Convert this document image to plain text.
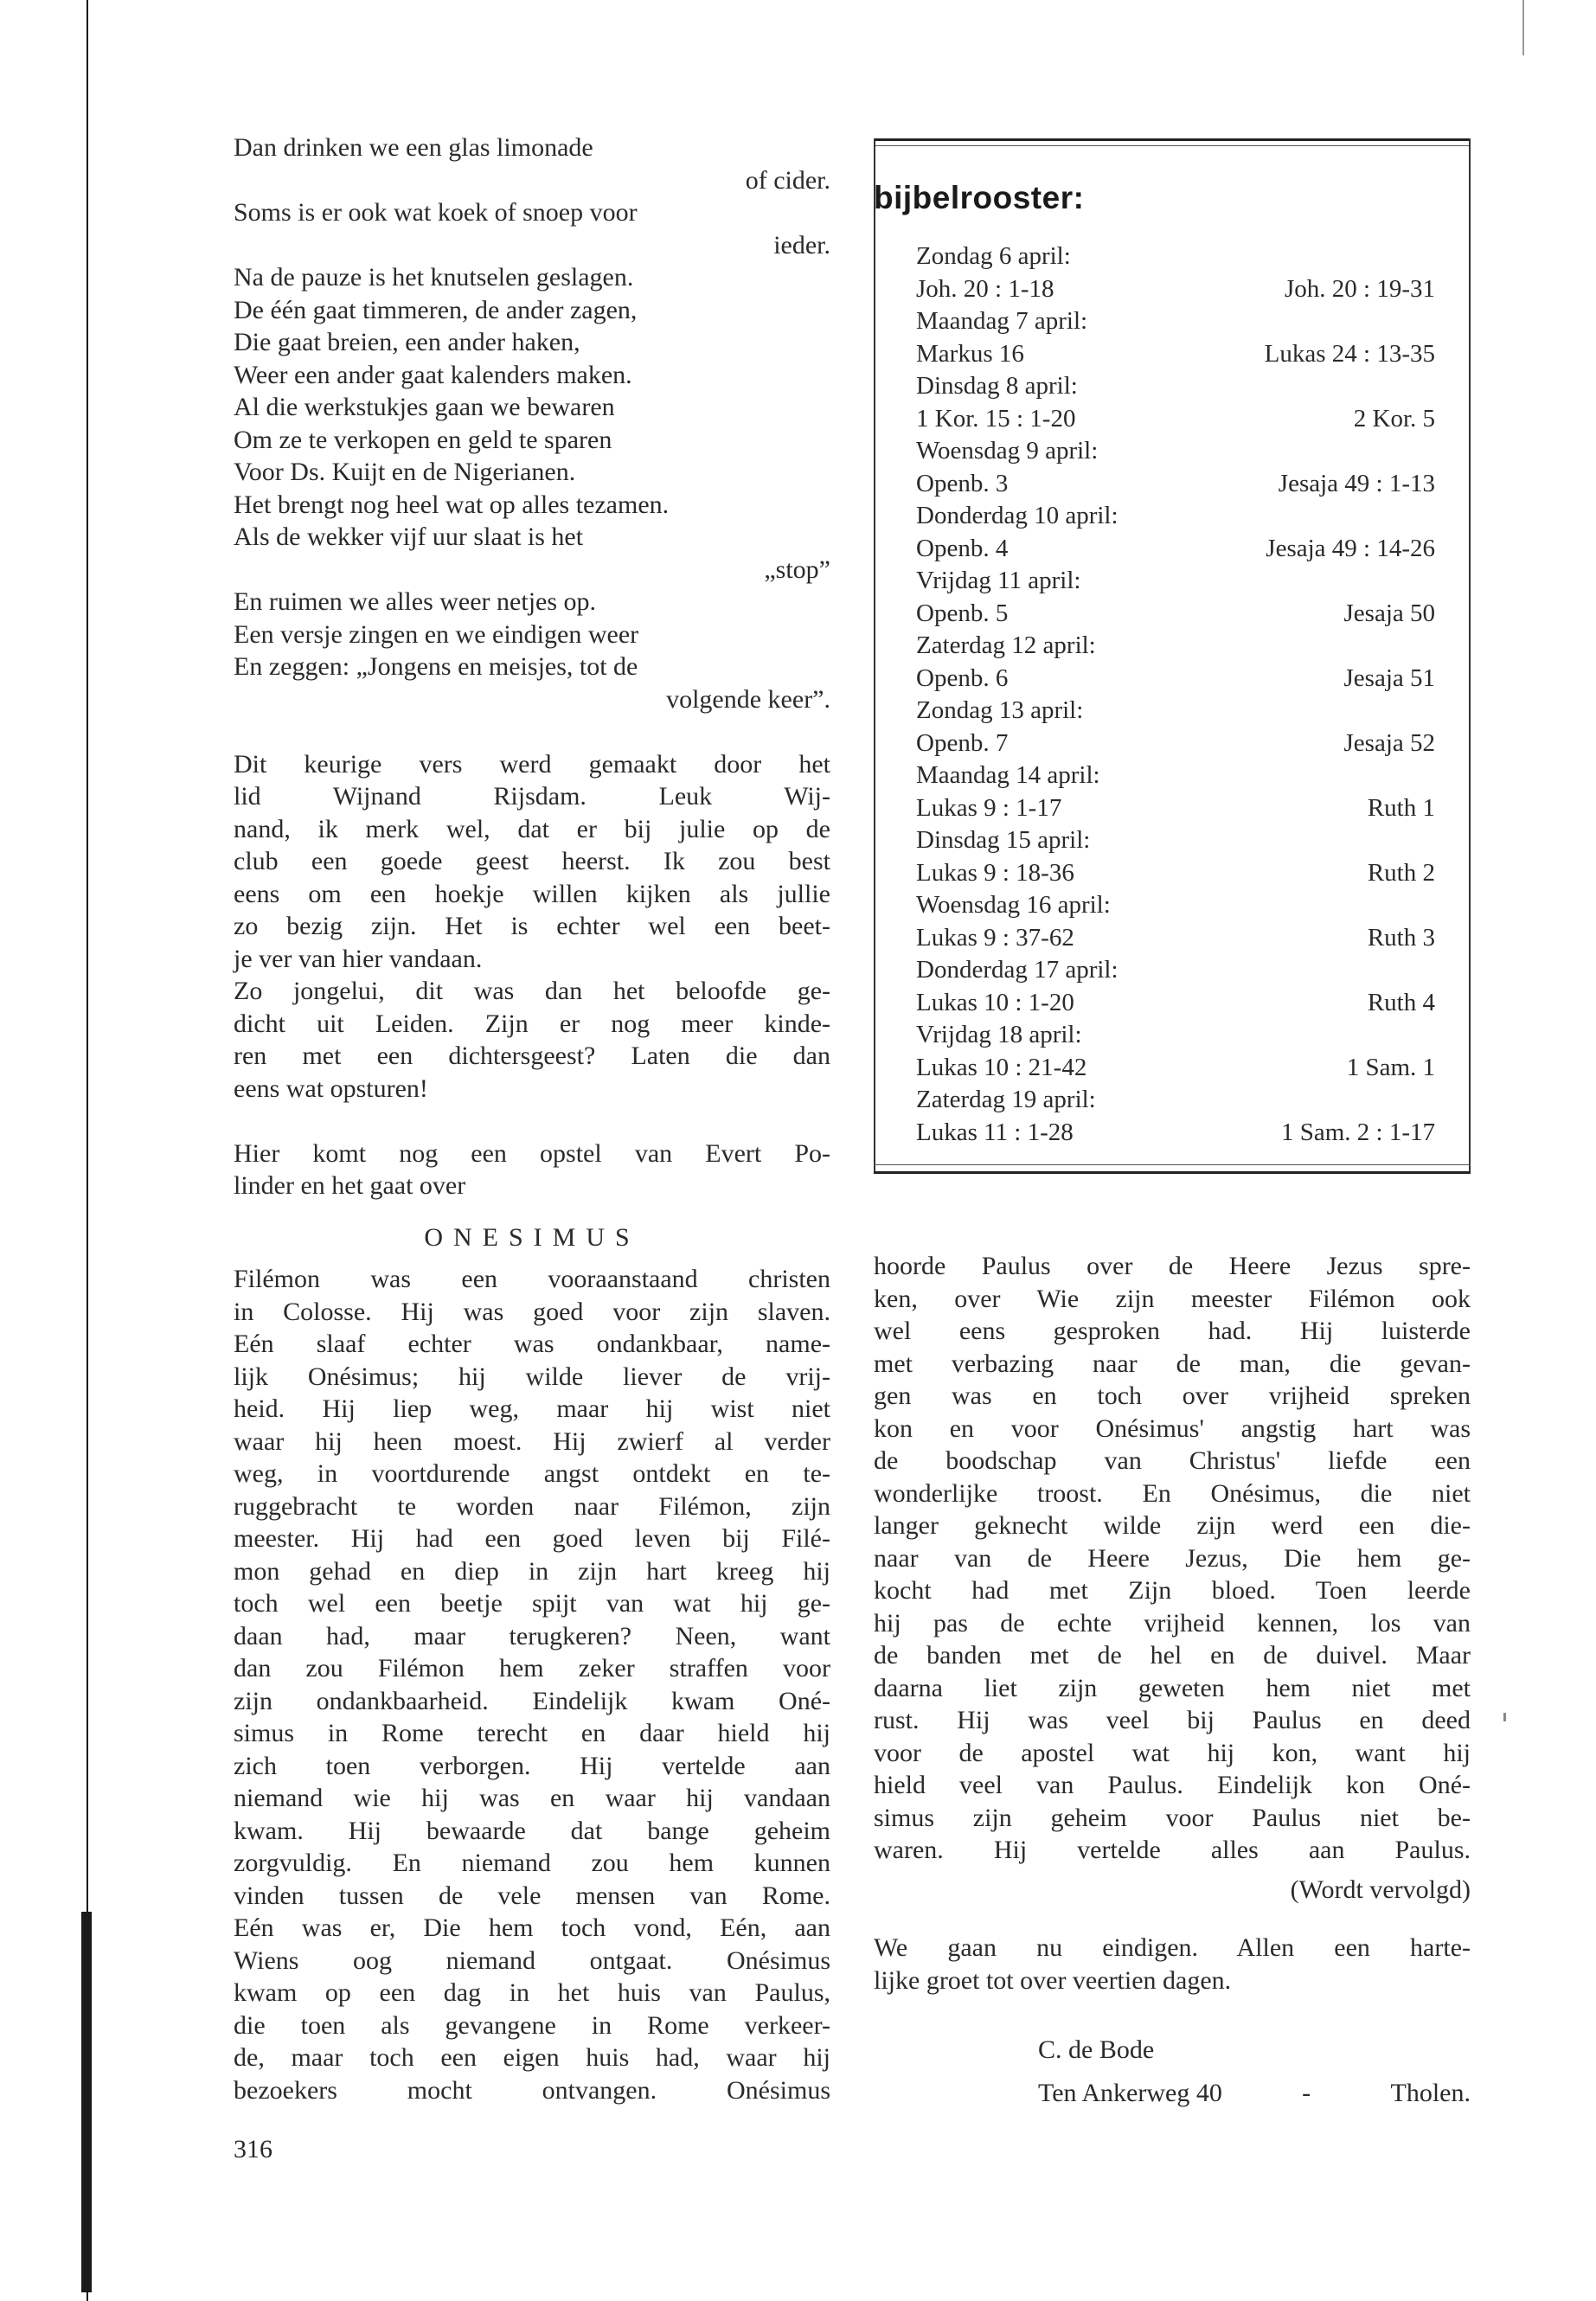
Dan drinken we een glas limonade
of cider.
Soms is er ook wat koek of snoep voor
ieder.
Na de pauze is het knutselen geslagen.
De één gaat timmeren, de ander zagen,
Die gaat breien, een ander haken,
Weer een ander gaat kalenders maken.
Al die werkstukjes gaan we bewaren
Om ze te verkopen en geld te sparen
Voor Ds. Kuijt en de Nigerianen.
Het brengt nog heel wat op alles tezamen.
Als de wekker vijf uur slaat is het
„stop”
En ruimen we alles weer netjes op.
Een versje zingen en we eindigen weer
En zeggen: „Jongens en meisjes, tot de
volgende keer”.
Dit keurige vers werd gemaakt door het
lid Wijnand Rijsdam. Leuk Wij-
nand, ik merk wel, dat er bij julie op de
club een goede geest heerst. Ik zou best
eens om een hoekje willen kijken als jullie
zo bezig zijn. Het is echter wel een beet-
je ver van hier vandaan.
Zo jongelui, dit was dan het beloofde ge-
dicht uit Leiden. Zijn er nog meer kinde-
ren met een dichtersgeest? Laten die dan
eens wat opsturen!
Hier komt nog een opstel van Evert Po-
linder en het gaat over
ONESIMUS
Filémon was een vooraanstaand christen
in Colosse. Hij was goed voor zijn slaven.
Eén slaaf echter was ondankbaar, name-
lijk Onésimus; hij wilde liever de vrij-
heid. Hij liep weg, maar hij wist niet
waar hij heen moest. Hij zwierf al verder
weg, in voortdurende angst ontdekt en te-
ruggebracht te worden naar Filémon, zijn
meester. Hij had een goed leven bij Filé-
mon gehad en diep in zijn hart kreeg hij
toch wel een beetje spijt van wat hij ge-
daan had, maar terugkeren? Neen, want
dan zou Filémon hem zeker straffen voor
zijn ondankbaarheid. Eindelijk kwam Oné-
simus in Rome terecht en daar hield hij
zich toen verborgen. Hij vertelde aan
niemand wie hij was en waar hij vandaan
kwam. Hij bewaarde dat bange geheim
zorgvuldig. En niemand zou hem kunnen
vinden tussen de vele mensen van Rome.
Eén was er, Die hem toch vond, Eén, aan
Wiens oog niemand ontgaat. Onésimus
kwam op een dag in het huis van Paulus,
die toen als gevangene in Rome verkeer-
de, maar toch een eigen huis had, waar hij
bezoekers mocht ontvangen. Onésimus
bijbelrooster:
Zondag 6 april:
Joh. 20 : 1-18	Joh. 20 : 19-31
Maandag 7 april:
Markus 16	Lukas 24 : 13-35
Dinsdag 8 april:
1 Kor. 15 : 1-20	2 Kor. 5
Woensdag 9 april:
Openb. 3	Jesaja 49 : 1-13
Donderdag 10 april:
Openb. 4	Jesaja 49 : 14-26
Vrijdag 11 april:
Openb. 5	Jesaja 50
Zaterdag 12 april:
Openb. 6	Jesaja 51
Zondag 13 april:
Openb. 7	Jesaja 52
Maandag 14 april:
Lukas 9 : 1-17	Ruth 1
Dinsdag 15 april:
Lukas 9 : 18-36	Ruth 2
Woensdag 16 april:
Lukas 9 : 37-62	Ruth 3
Donderdag 17 april:
Lukas 10 : 1-20	Ruth 4
Vrijdag 18 april:
Lukas 10 : 21-42	1 Sam. 1
Zaterdag 19 april:
Lukas 11 : 1-28	1 Sam. 2 : 1-17
hoorde Paulus over de Heere Jezus spre-
ken, over Wie zijn meester Filémon ook
wel eens gesproken had. Hij luisterde
met verbazing naar de man, die gevan-
gen was en toch over vrijheid spreken
kon en voor Onésimus' angstig hart was
de boodschap van Christus' liefde een
wonderlijke troost. En Onésimus, die niet
langer geknecht wilde zijn werd een die-
naar van de Heere Jezus, Die hem ge-
kocht had met Zijn bloed. Toen leerde
hij pas de echte vrijheid kennen, los van
de banden met de hel en de duivel. Maar
daarna liet zijn geweten hem niet met
rust. Hij was veel bij Paulus en deed
voor de apostel wat hij kon, want hij
hield veel van Paulus. Eindelijk kon Oné-
simus zijn geheim voor Paulus niet be-
waren. Hij vertelde alles aan Paulus.
(Wordt vervolgd)
We gaan nu eindigen. Allen een harte-
lijke groet tot over veertien dagen.
C. de Bode
Ten Ankerweg 40	-	Tholen.
316
